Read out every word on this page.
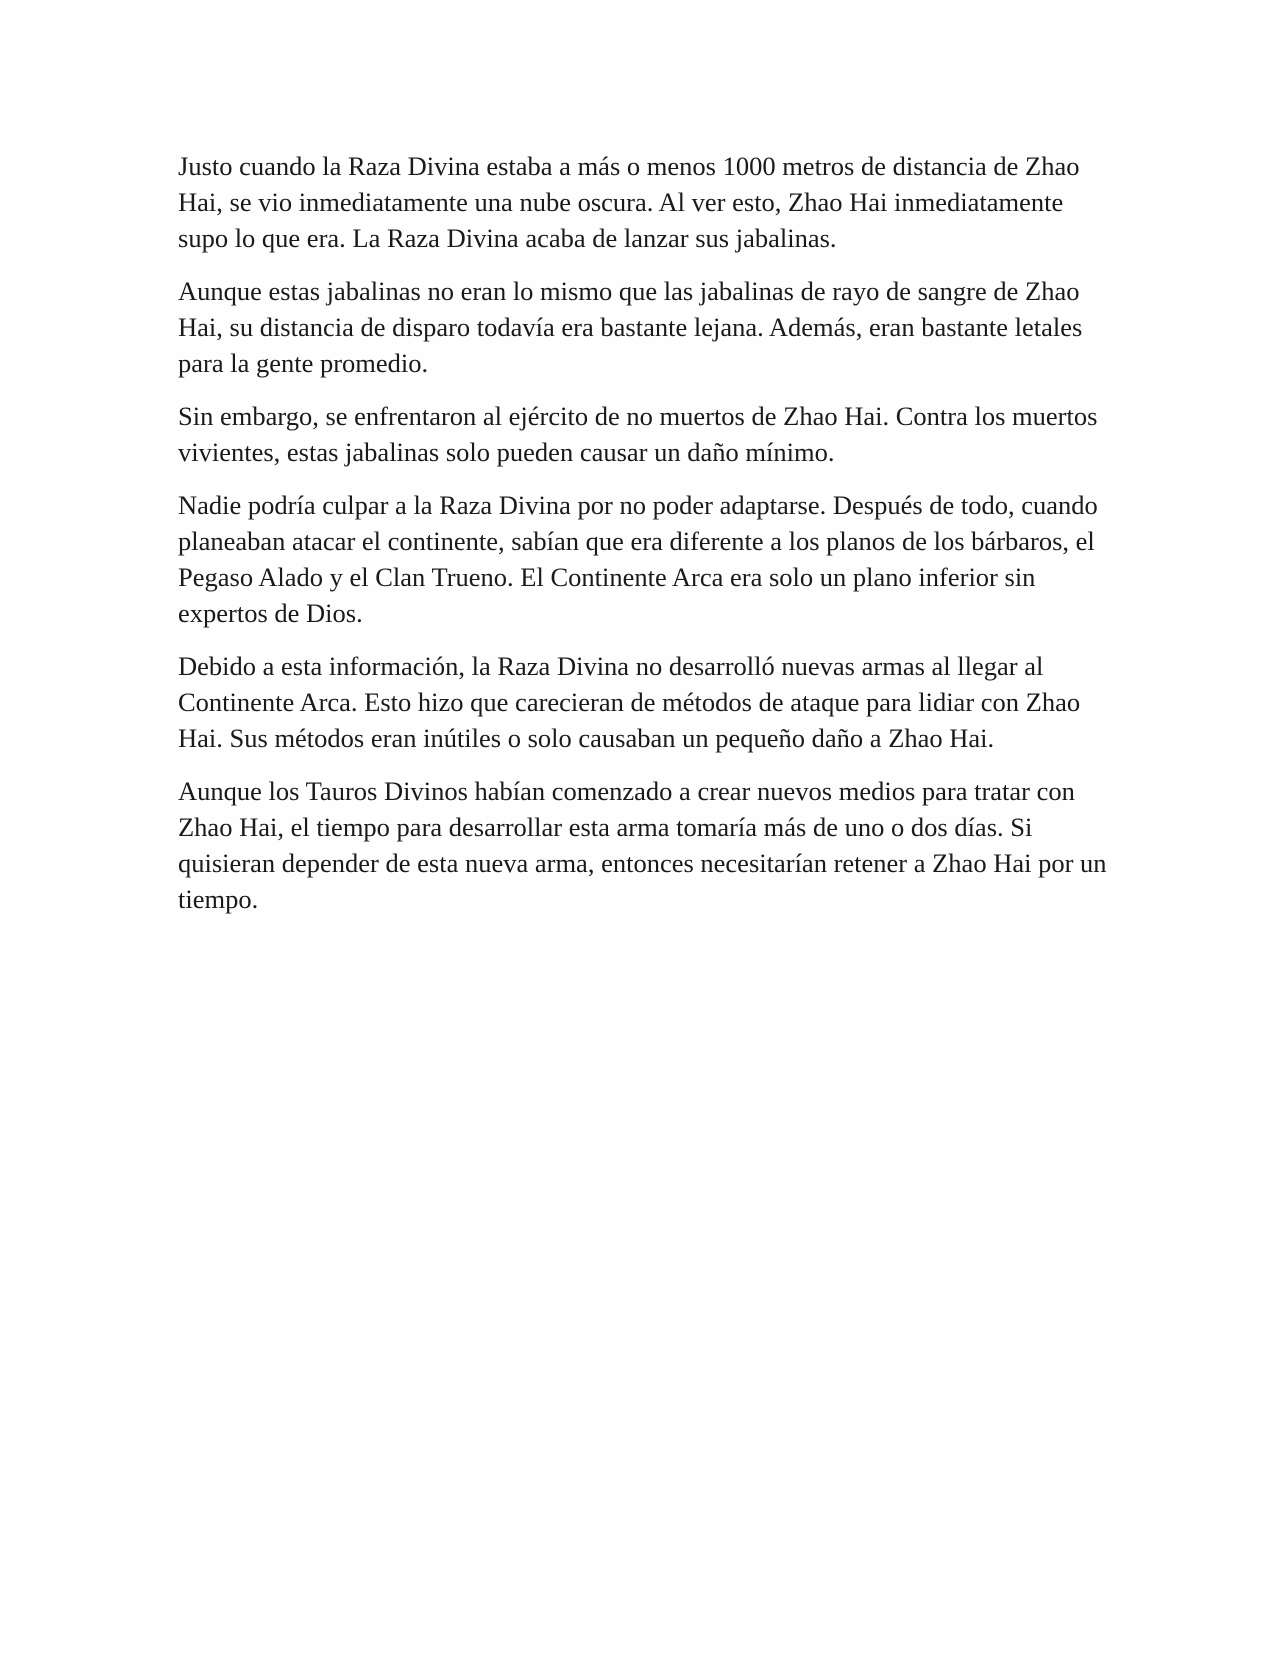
Justo cuando la Raza Divina estaba a más o menos 1000 metros de distancia de Zhao Hai, se vio inmediatamente una nube oscura. Al ver esto, Zhao Hai inmediatamente supo lo que era. La Raza Divina acaba de lanzar sus jabalinas.

Aunque estas jabalinas no eran lo mismo que las jabalinas de rayo de sangre de Zhao Hai, su distancia de disparo todavía era bastante lejana. Además, eran bastante letales para la gente promedio.

Sin embargo, se enfrentaron al ejército de no muertos de Zhao Hai. Contra los muertos vivientes, estas jabalinas solo pueden causar un daño mínimo.

Nadie podría culpar a la Raza Divina por no poder adaptarse. Después de todo, cuando planeaban atacar el continente, sabían que era diferente a los planos de los bárbaros, el Pegaso Alado y el Clan Trueno. El Continente Arca era solo un plano inferior sin expertos de Dios.

Debido a esta información, la Raza Divina no desarrolló nuevas armas al llegar al Continente Arca. Esto hizo que carecieran de métodos de ataque para lidiar con Zhao Hai. Sus métodos eran inútiles o solo causaban un pequeño daño a Zhao Hai.

Aunque los Tauros Divinos habían comenzado a crear nuevos medios para tratar con Zhao Hai, el tiempo para desarrollar esta arma tomaría más de uno o dos días. Si quisieran depender de esta nueva arma, entonces necesitarían retener a Zhao Hai por un tiempo.
